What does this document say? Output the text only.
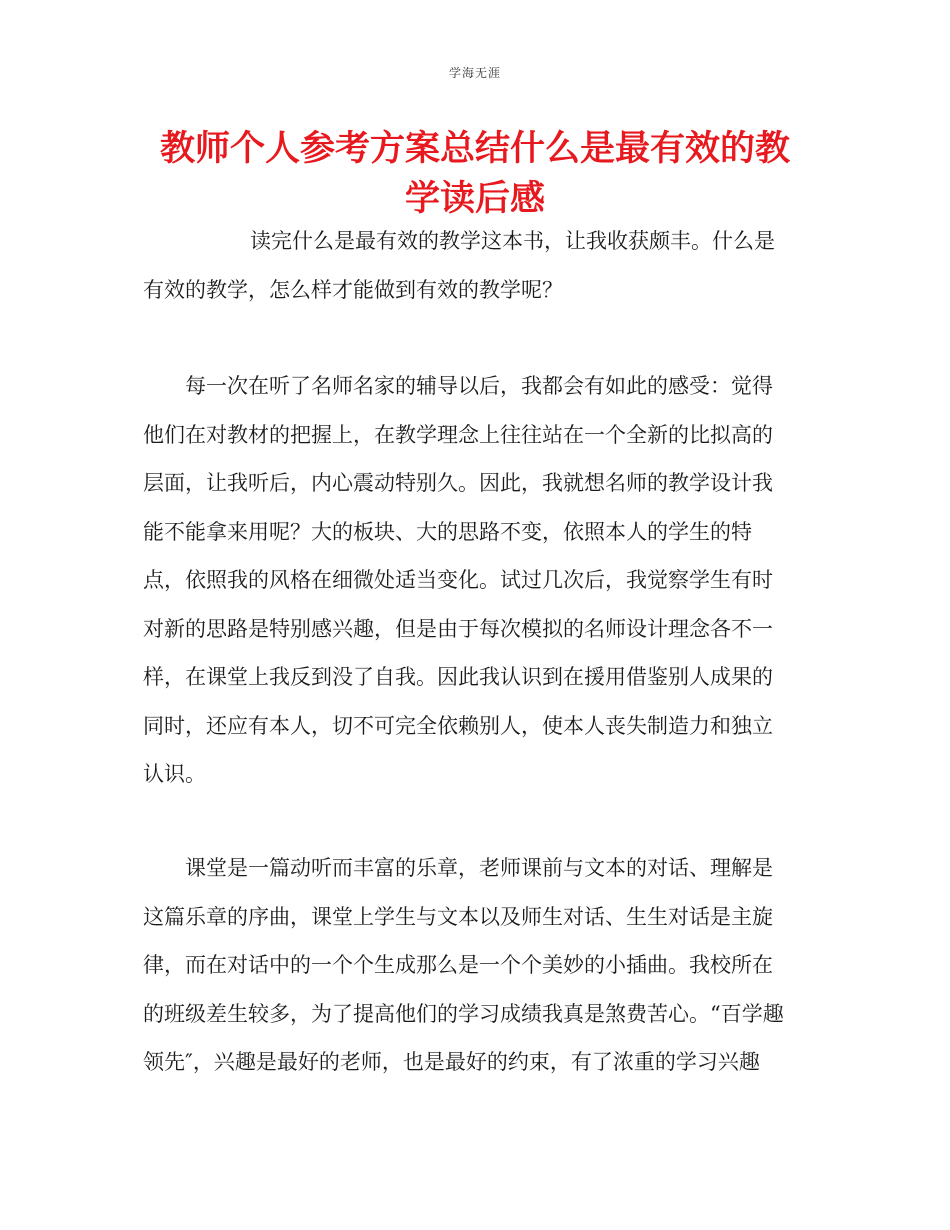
学海无涯
教师个人参考方案总结什么是最有效的教
学读后感
读完什么是最有效的教学这本书，让我收获颇丰。什么是
有效的教学，怎么样才能做到有效的教学呢？
每一次在听了名师名家的辅导以后，我都会有如此的感受：觉得
他们在对教材的把握上，在教学理念上往往站在一个全新的比拟高的
层面，让我听后，内心震动特别久。因此，我就想名师的教学设计我
能不能拿来用呢？大的板块、大的思路不变，依照本人的学生的特
点，依照我的风格在细微处适当变化。试过几次后，我觉察学生有时
对新的思路是特别感兴趣，但是由于每次模拟的名师设计理念各不一
样，在课堂上我反到没了自我。因此我认识到在援用借鉴别人成果的
同时，还应有本人，切不可完全依赖别人，使本人丧失制造力和独立
认识。
课堂是一篇动听而丰富的乐章，老师课前与文本的对话、理解是
这篇乐章的序曲，课堂上学生与文本以及师生对话、生生对话是主旋
律，而在对话中的一个个生成那么是一个个美妙的小插曲。我校所在
的班级差生较多，为了提高他们的学习成绩我真是煞费苦心。“百学趣
领先″，兴趣是最好的老师，也是最好的约束，有了浓重的学习兴趣
